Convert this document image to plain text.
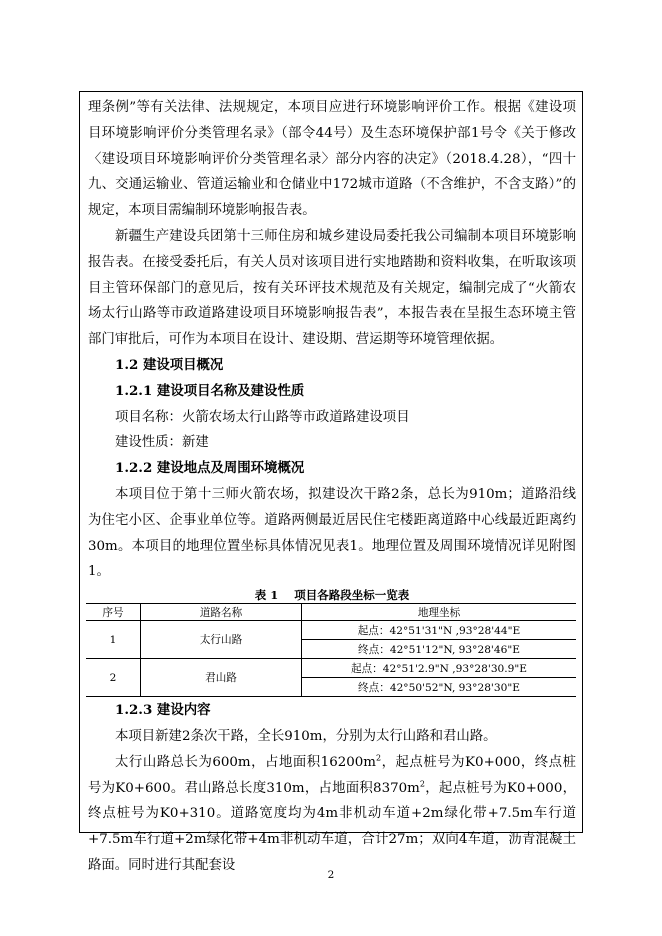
理条例”等有关法律、法规规定，本项目应进行环境影响评价工作。根据《建设项目环境影响评价分类管理名录》（部令44号）及生态环境保护部1号令《关于修改〈建设项目环境影响评价分类管理名录〉部分内容的决定》（2018.4.28），“四十九、交通运输业、管道运输业和仓储业中172城市道路（不含维护，不含支路）”的规定，本项目需编制环境影响报告表。

新疆生产建设兵团第十三师住房和城乡建设局委托我公司编制本项目环境影响报告表。在接受委托后，有关人员对该项目进行实地踏勘和资料收集，在听取该项目主管环保部门的意见后，按有关环评技术规范及有关规定，编制完成了“火箭农场太行山路等市政道路建设项目环境影响报告表”，本报告表在呈报生态环境主管部门审批后，可作为本项目在设计、建设期、营运期等环境管理依据。

1.2 建设项目概况

1.2.1 建设项目名称及建设性质

项目名称：火箭农场太行山路等市政道路建设项目

建设性质：新建

1.2.2 建设地点及周围环境概况

本项目位于第十三师火箭农场，拟建设次干路2条，总长为910m；道路沿线为住宅小区、企事业单位等。道路两侧最近居民住宅楼距离道路中心线最近距离约30m。本项目的地理位置坐标具体情况见表1。地理位置及周围环境情况详见附图1。

表 1 项目各路段坐标一览表
序号	道路名称	地理坐标
1	太行山路	起点：42°51'31"N ,93°28'44"E
		终点：42°51'12"N, 93°28'46"E
2	君山路	起点：42°51'2.9"N ,93°28'30.9"E
		终点：42°50'52"N, 93°28'30"E

1.2.3 建设内容

本项目新建2条次干路，全长910m，分别为太行山路和君山路。

太行山路总长为600m，占地面积$16200m^2$，起点桩号为K0+000，终点桩号为K0+600。君山路总长度310m，占地面积$8370m^2$，起点桩号为K0+000，终点桩号为K0+310。道路宽度均为4m非机动车道+2m绿化带+7.5m车行道+7.5m车行道+2m绿化带+4m非机动车道，合计27m；双向4车道，沥青混凝土路面。同时进行其配套设

2
